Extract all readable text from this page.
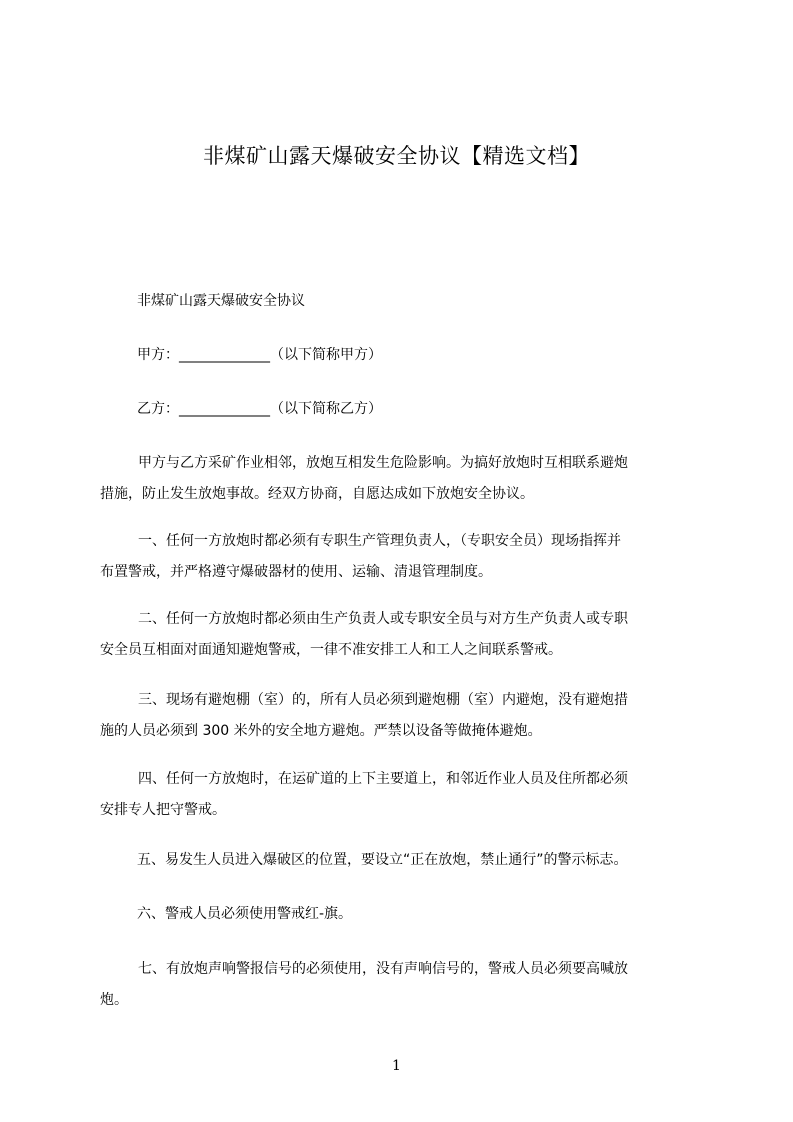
非煤矿山露天爆破安全协议【精选文档】
非煤矿山露天爆破安全协议
甲方：_____________（以下简称甲方）
乙方：_____________（以下简称乙方）
甲方与乙方采矿作业相邻，放炮互相发生危险影响。为搞好放炮时互相联系避炮
措施，防止发生放炮事故。经双方协商，自愿达成如下放炮安全协议。
一、任何一方放炮时都必须有专职生产管理负责人，（专职安全员）现场指挥并
布置警戒，并严格遵守爆破器材的使用、运输、清退管理制度。
二、任何一方放炮时都必须由生产负责人或专职安全员与对方生产负责人或专职
安全员互相面对面通知避炮警戒，一律不准安排工人和工人之间联系警戒。
三、现场有避炮棚（室）的，所有人员必须到避炮棚（室）内避炮，没有避炮措
施的人员必须到 300 米外的安全地方避炮。严禁以设备等做掩体避炮。
四、任何一方放炮时，在运矿道的上下主要道上，和邻近作业人员及住所都必须
安排专人把守警戒。
五、易发生人员进入爆破区的位置，要设立“正在放炮，禁止通行”的警示标志。
六、警戒人员必须使用警戒红-旗。
七、有放炮声响警报信号的必须使用，没有声响信号的，警戒人员必须要高喊放
炮。
1
